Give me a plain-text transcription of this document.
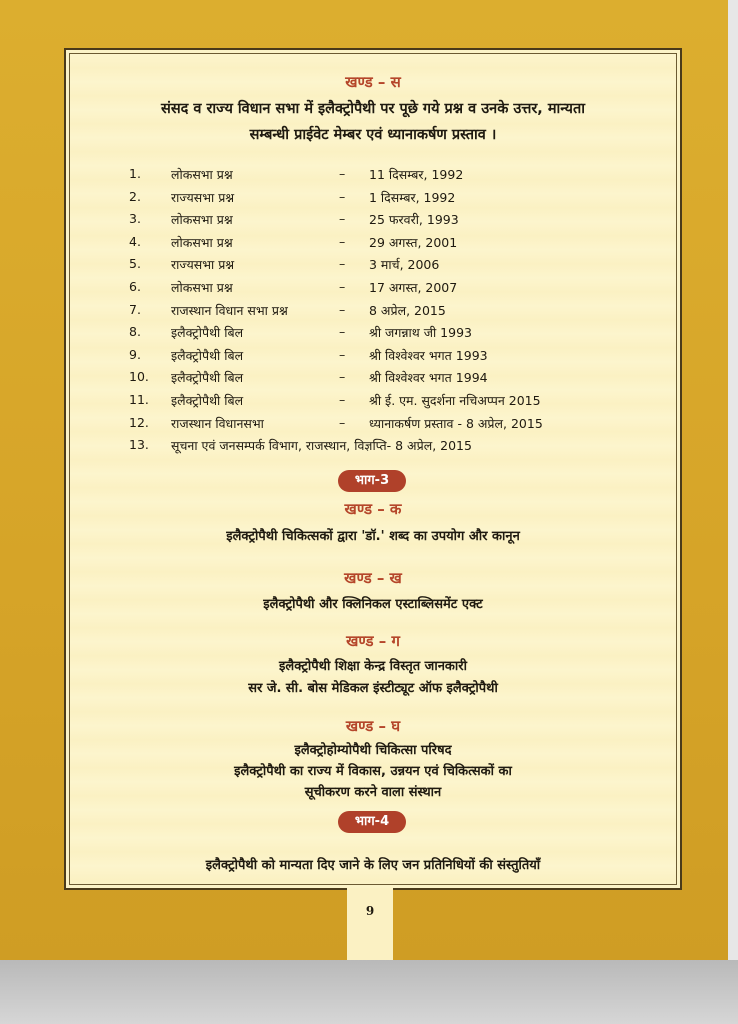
खण्ड – स
संसद व राज्य विधान सभा में इलैक्ट्रोपैथी पर पूछे गये प्रश्न व उनके उत्तर, मान्यता
सम्बन्धी प्राईवेट मेम्बर एवं ध्यानाकर्षण प्रस्ताव ।
1. लोकसभा प्रश्न	– 11 दिसम्बर, 1992
2. राज्यसभा प्रश्न	– 1 दिसम्बर, 1992
3. लोकसभा प्रश्न	– 25 फरवरी, 1993
4. लोकसभा प्रश्न	– 29 अगस्त, 2001
5. राज्यसभा प्रश्न	– 3 मार्च, 2006
6. लोकसभा प्रश्न	– 17 अगस्त, 2007
7. राजस्थान विधान सभा प्रश्न	– 8 अप्रेल, 2015
8. इलैक्ट्रोपैथी बिल	– श्री जगन्नाथ जी 1993
9. इलैक्ट्रोपैथी बिल	– श्री विश्वेश्वर भगत 1993
10. इलैक्ट्रोपैथी बिल	– श्री विश्वेश्वर भगत 1994
11. इलैक्ट्रोपैथी बिल	– श्री ई. एम. सुदर्शना नचिअप्पन 2015
12. राजस्थान विधानसभा	– ध्यानाकर्षण प्रस्ताव - 8 अप्रेल, 2015
13. सूचना एवं जनसम्पर्क विभाग, राजस्थान, विज्ञप्ति- 8 अप्रेल, 2015
भाग-3
खण्ड – क
इलैक्ट्रोपैथी चिकित्सकों द्वारा 'डॉ.' शब्द का उपयोग और कानून
खण्ड – ख
इलैक्ट्रोपैथी और क्लिनिकल एस्टाब्लिसमेंट एक्ट
खण्ड – ग
इलैक्ट्रोपैथी शिक्षा केन्द्र विस्तृत जानकारी
सर जे. सी. बोस मेडिकल इंस्टीट्यूट ऑफ इलैक्ट्रोपैथी
खण्ड – घ
इलैक्ट्रोहोम्योपैथी चिकित्सा परिषद
इलैक्ट्रोपैथी का राज्य में विकास, उन्नयन एवं चिकित्सकों का
सूचीकरण करने वाला संस्थान
भाग-4
इलैक्ट्रोपैथी को मान्यता दिए जाने के लिए जन प्रतिनिधियों की संस्तुतियाँ
9
